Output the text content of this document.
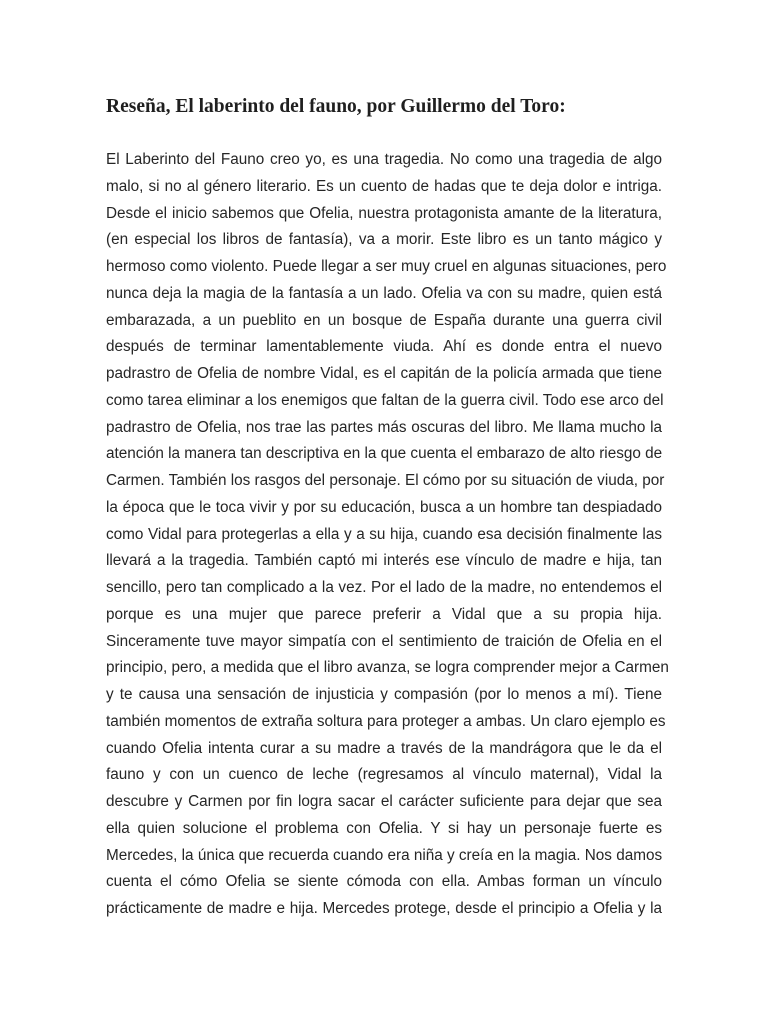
Reseña, El laberinto del fauno, por Guillermo del Toro:
El Laberinto del Fauno creo yo, es una tragedia. No como una tragedia de algo
malo, si no al género literario. Es un cuento de hadas que te deja dolor e intriga.
Desde el inicio sabemos que Ofelia, nuestra protagonista amante de la literatura,
(en especial los libros de fantasía), va a morir. Este libro es un tanto mágico y
hermoso como violento. Puede llegar a ser muy cruel en algunas situaciones, pero
nunca deja la magia de la fantasía a un lado. Ofelia va con su madre, quien está
embarazada, a un pueblito en un bosque de España durante una guerra civil
después de terminar lamentablemente viuda. Ahí es donde entra el nuevo
padrastro de Ofelia de nombre Vidal, es el capitán de la policía armada que tiene
como tarea eliminar a los enemigos que faltan de la guerra civil. Todo ese arco del
padrastro de Ofelia, nos trae las partes más oscuras del libro. Me llama mucho la
atención la manera tan descriptiva en la que cuenta el embarazo de alto riesgo de
Carmen. También los rasgos del personaje. El cómo por su situación de viuda, por
la época que le toca vivir y por su educación, busca a un hombre tan despiadado
como Vidal para protegerlas a ella y a su hija, cuando esa decisión finalmente las
llevará a la tragedia. También captó mi interés ese vínculo de madre e hija, tan
sencillo, pero tan complicado a la vez. Por el lado de la madre, no entendemos el
porque es una mujer que parece preferir a Vidal que a su propia hija.
Sinceramente tuve mayor simpatía con el sentimiento de traición de Ofelia en el
principio, pero, a medida que el libro avanza, se logra comprender mejor a Carmen
y te causa una sensación de injusticia y compasión (por lo menos a mí). Tiene
también momentos de extraña soltura para proteger a ambas. Un claro ejemplo es
cuando Ofelia intenta curar a su madre a través de la mandrágora que le da el
fauno y con un cuenco de leche (regresamos al vínculo maternal), Vidal la
descubre y Carmen por fin logra sacar el carácter suficiente para dejar que sea
ella quien solucione el problema con Ofelia. Y si hay un personaje fuerte es
Mercedes, la única que recuerda cuando era niña y creía en la magia. Nos damos
cuenta el cómo Ofelia se siente cómoda con ella. Ambas forman un vínculo
prácticamente de madre e hija. Mercedes protege, desde el principio a Ofelia y la
